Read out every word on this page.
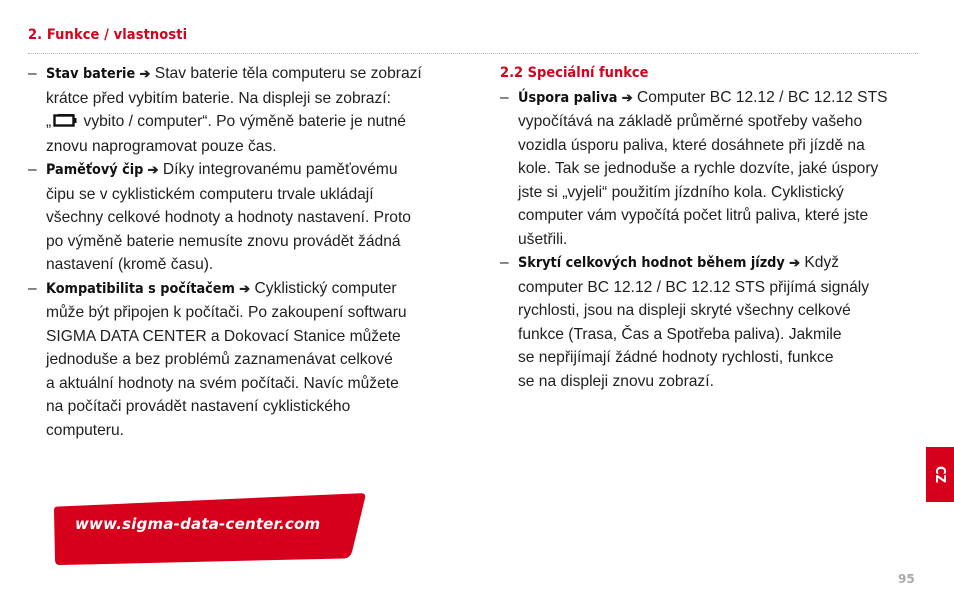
2. Funkce / vlastnosti
– Stav baterie ➔ Stav baterie těla computeru se zobrazí
krátce před vybitím baterie. Na displeji se zobrazí:
„ vybito / computer“. Po výměně baterie je nutné
znovu naprogramovat pouze čas.
– Paměťový čip ➔ Díky integrovanému paměťovému
čipu se v cyklistickém computeru trvale ukládají
všechny celkové hodnoty a hodnoty nastavení. Proto
po výměně baterie nemusíte znovu provádět žádná
nastavení (kromě času).
– Kompatibilita s počítačem ➔ Cyklistický computer
může být připojen k počítači. Po zakoupení softwaru
SIGMA DATA CENTER a Dokovací Stanice můžete
jednoduše a bez problémů zaznamenávat celkové
a aktuální hodnoty na svém počítači. Navíc můžete
na počítači provádět nastavení cyklistického
computeru.
2.2 Speciální funkce
– Úspora paliva ➔ Computer BC 12.12 / BC 12.12 STS
vypočítává na základě průměrné spotřeby vašeho
vozidla úsporu paliva, které dosáhnete při jízdě na
kole. Tak se jednoduše a rychle dozvíte, jaké úspory
jste si „vyjeli“ použitím jízdního kola. Cyklistický
computer vám vypočítá počet litrů paliva, které jste
ušetřili.
– Skrytí celkových hodnot během jízdy ➔ Když
computer BC 12.12 / BC 12.12 STS přijímá signály
rychlosti, jsou na displeji skryté všechny celkové
funkce (Trasa, Čas a Spotřeba paliva). Jakmile
se nepřijímají žádné hodnoty rychlosti, funkce
se na displeji znovu zobrazí.
www.sigma-data-center.com
CZ
95
